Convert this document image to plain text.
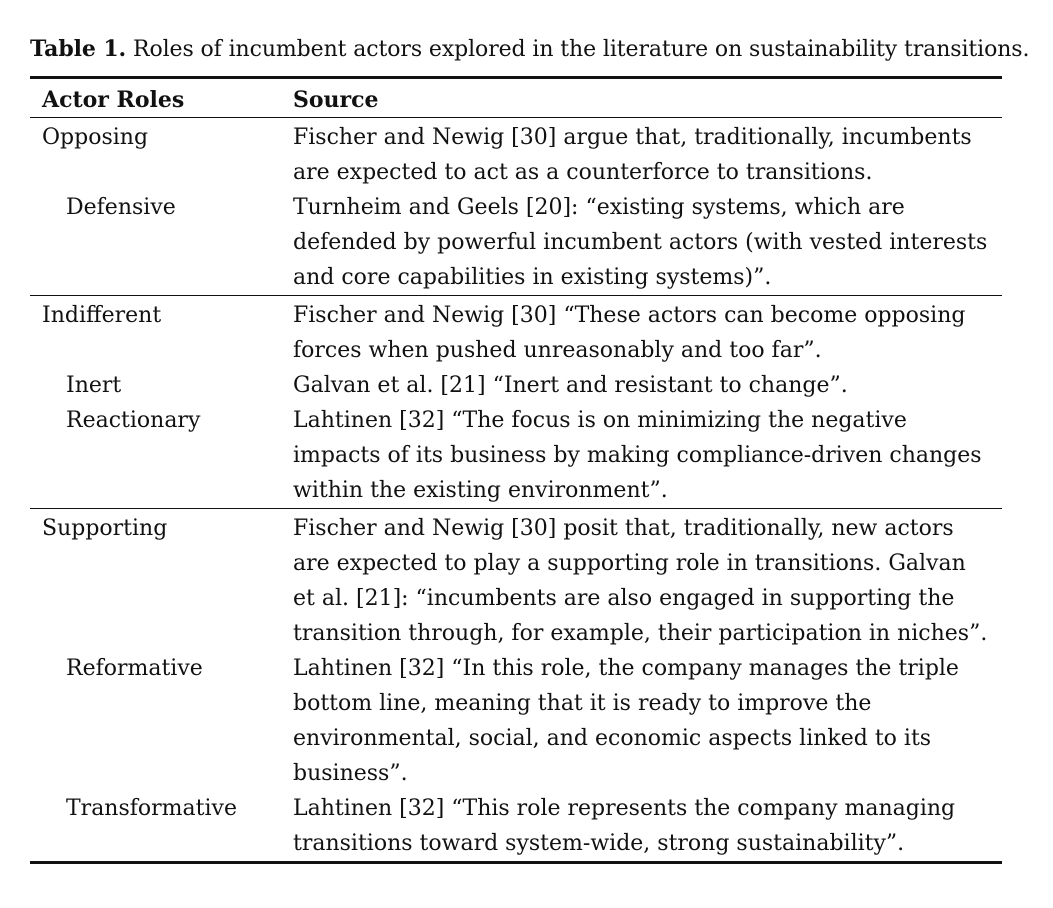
Table 1. Roles of incumbent actors explored in the literature on sustainability transitions.
Actor Roles	Source
Opposing	Fischer and Newig [30] argue that, traditionally, incumbents are expected to act as a counterforce to transitions.
Defensive	Turnheim and Geels [20]: “existing systems, which are defended by powerful incumbent actors (with vested interests and core capabilities in existing systems)”.
Indifferent	Fischer and Newig [30] “These actors can become opposing forces when pushed unreasonably and too far”.
Inert	Galvan et al. [21] “Inert and resistant to change”.
Reactionary	Lahtinen [32] “The focus is on minimizing the negative impacts of its business by making compliance-driven changes within the existing environment”.
Supporting	Fischer and Newig [30] posit that, traditionally, new actors are expected to play a supporting role in transitions. Galvan et al. [21]: “incumbents are also engaged in supporting the transition through, for example, their participation in niches”.
Reformative	Lahtinen [32] “In this role, the company manages the triple bottom line, meaning that it is ready to improve the environmental, social, and economic aspects linked to its business”.
Transformative	Lahtinen [32] “This role represents the company managing transitions toward system-wide, strong sustainability”.
